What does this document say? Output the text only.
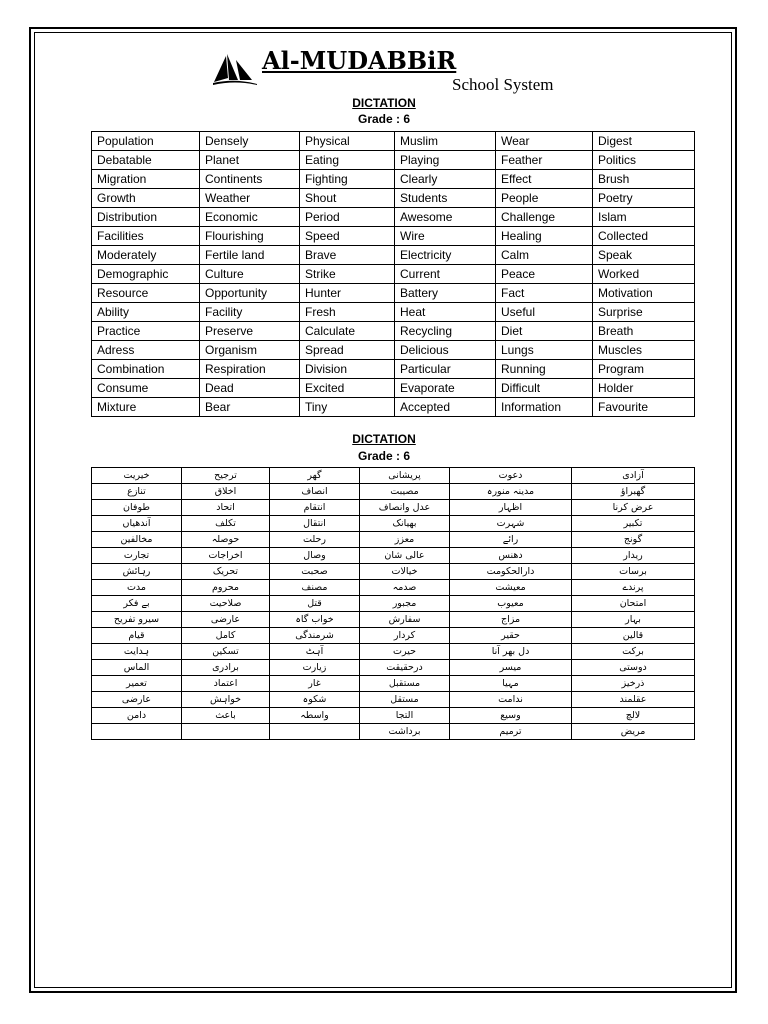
Al-MUDABBiR
School System
DICTATION
Grade : 6
Population	Densely	Physical	Muslim	Wear	Digest
Debatable	Planet	Eating	Playing	Feather	Politics
Migration	Continents	Fighting	Clearly	Effect	Brush
Growth	Weather	Shout	Students	People	Poetry
Distribution	Economic	Period	Awesome	Challenge	Islam
Facilities	Flourishing	Speed	Wire	Healing	Collected
Moderately	Fertile land	Brave	Electricity	Calm	Speak
Demographic	Culture	Strike	Current	Peace	Worked
Resource	Opportunity	Hunter	Battery	Fact	Motivation
Ability	Facility	Fresh	Heat	Useful	Surprise
Practice	Preserve	Calculate	Recycling	Diet	Breath
Adress	Organism	Spread	Delicious	Lungs	Muscles
Combination	Respiration	Division	Particular	Running	Program
Consume	Dead	Excited	Evaporate	Difficult	Holder
Mixture	Bear	Tiny	Accepted	Information	Favourite
DICTATION
Grade : 6
خیریت	ترجیح	گھر	پریشانی	دعوت	آزادی
تنازع	اخلاق	انصاف	مصیبت	مدینہ منورہ	گھبراؤ
طوفان	اتحاد	انتقام	عدل وانصاف	اظہار	عرض کرنا
آندھیاں	تکلف	انتقال	بھیانک	شہرت	تکبیر
مخالفین	حوصلہ	رحلت	معزز	رائے	گونج
تجارت	اخراجات	وصال	عالی شان	دھنس	ریدار
رہائش	تحریک	صحبت	خیالات	دارالحکومت	برسات
مدت	محروم	مصنف	صدمہ	معیشت	پرندے
بے فکر	صلاحیت	قتل	مجبور	معیوب	امتحان
سیرو تفریح	عارضی	خواب گاہ	سفارش	مزاج	بہار
قیام	کامل	شرمندگی	کردار	حقیر	قالین
ہدایت	تسکین	آہٹ	حیرت	دل بھر آنا	برکت
الماس	برادری	زیارت	درحقیقت	میسر	دوستی
تعمیر	اعتماد	غار	مستقبل	مہیا	ذرخیز
عارضی	خواہش	شکوہ	مستقل	ندامت	عقلمند
دامن	باعث	واسطہ	التجا	وسیع	لالچ
			برداشت	ترمیم	مریض
